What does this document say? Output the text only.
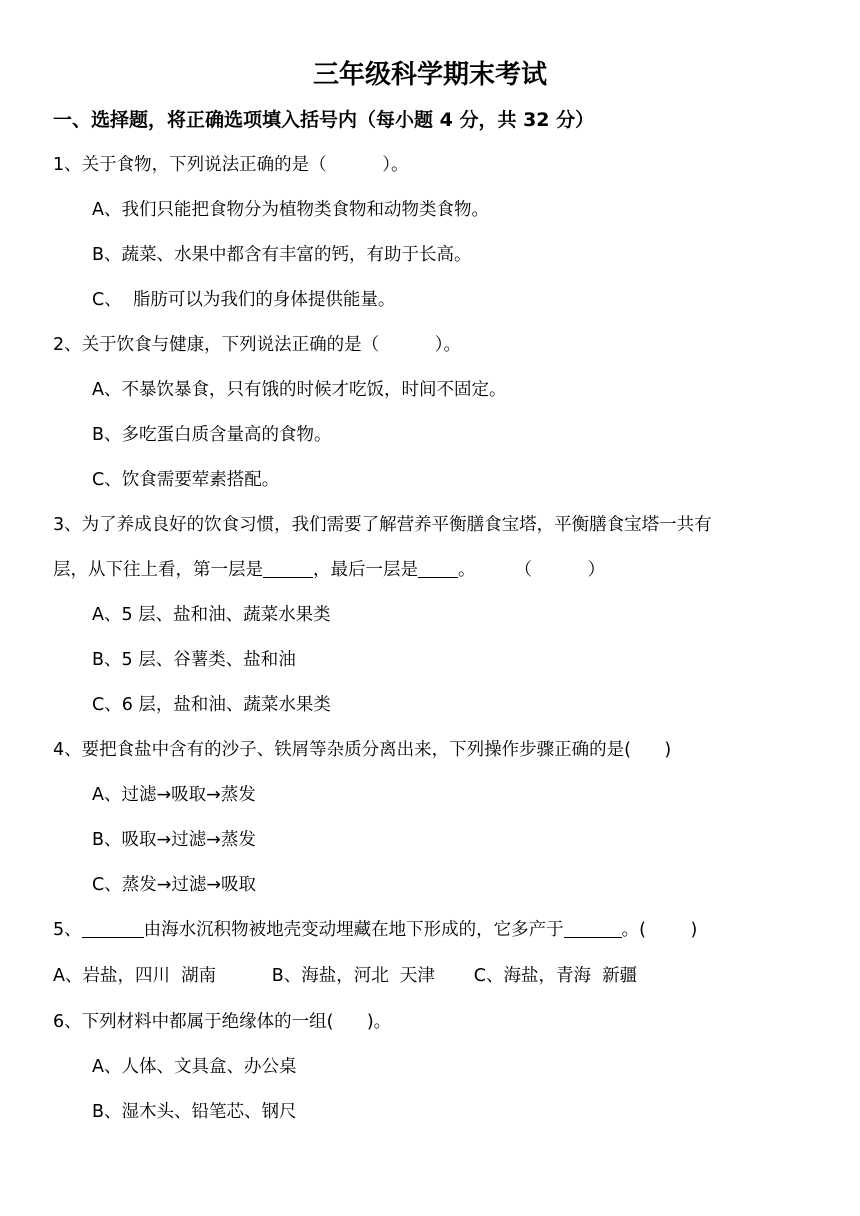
三年级科学期末考试
一、选择题，将正确选项填入括号内（每小题 4 分，共 32 分）
1、关于食物，下列说法正确的是（          ）。
A、我们只能把食物分为植物类食物和动物类食物。
B、蔬菜、水果中都含有丰富的钙，有助于长高。
C、  脂肪可以为我们的身体提供能量。
2、关于饮食与健康，下列说法正确的是（          ）。
A、不暴饮暴食，只有饿的时候才吃饭，时间不固定。
B、多吃蛋白质含量高的食物。
C、饮食需要荤素搭配。
3、为了养成良好的饮食习惯，我们需要了解营养平衡膳食宝塔，平衡膳食宝塔一共有
层，从下往上看，第一层是	，最后一层是 。       （          ）
A、5 层、盐和油、蔬菜水果类
B、5 层、谷薯类、盐和油
C、6 层，盐和油、蔬菜水果类
4、要把食盐中含有的沙子、铁屑等杂质分离出来，下列操作步骤正确的是(      )
A、过滤→吸取→蒸发
B、吸取→过滤→蒸发
C、蒸发→过滤→吸取
5、	由海水沉积物被地壳变动埋藏在地下形成的，它多产于	。(        )
A、岩盐，四川  湖南          B、海盐，河北  天津       C、海盐，青海  新疆
6、下列材料中都属于绝缘体的一组(      )。
A、人体、文具盒、办公桌
B、湿木头、铅笔芯、钢尺
